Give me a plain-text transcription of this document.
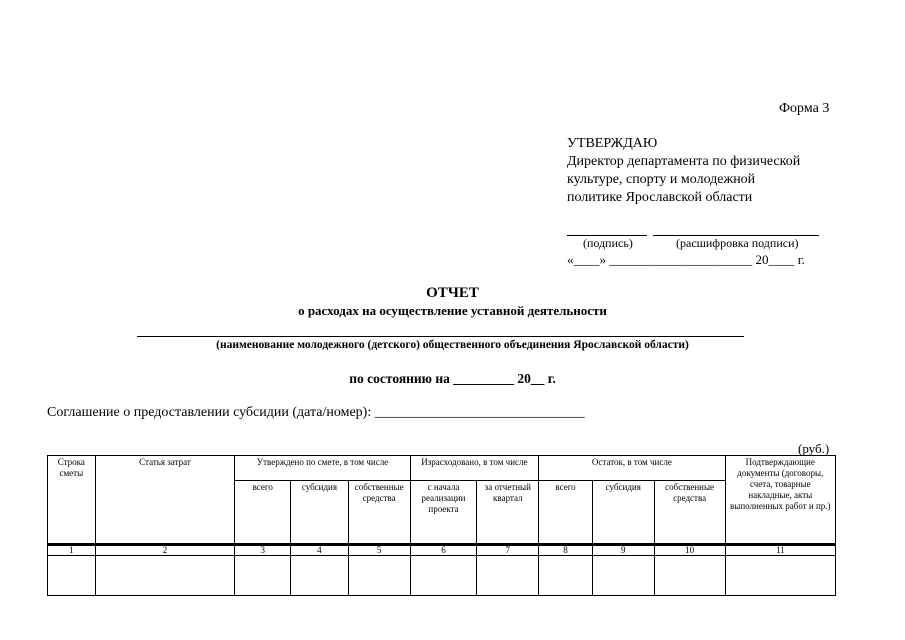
Форма 3
УТВЕРЖДАЮ
Директор департамента по физической
культуре, спорту и молодежной
политике Ярославской области
(подпись)	(расшифровка подписи)
«____» ______________________ 20____ г.
ОТЧЕТ
о расходах на осуществление уставной деятельности
(наименование молодежного (детского) общественного объединения Ярославской области)
по состоянию на _________ 20__ г.
Соглашение о предоставлении субсидии (дата/номер): ______________________________
(руб.)
Строка сметы	Статья затрат	Утверждено по смете, в том числе			Израсходовано, в том числе		Остаток, в том числе			Подтверждающие документы (договоры, счета, товарные накладные, акты выполненных работ и пр.)
		всего	субсидия	собственные средства	с начала реализации проекта	за отчетный квартал	всего	субсидия	собственные средства	
1	2	3	4	5	6	7	8	9	10	11
